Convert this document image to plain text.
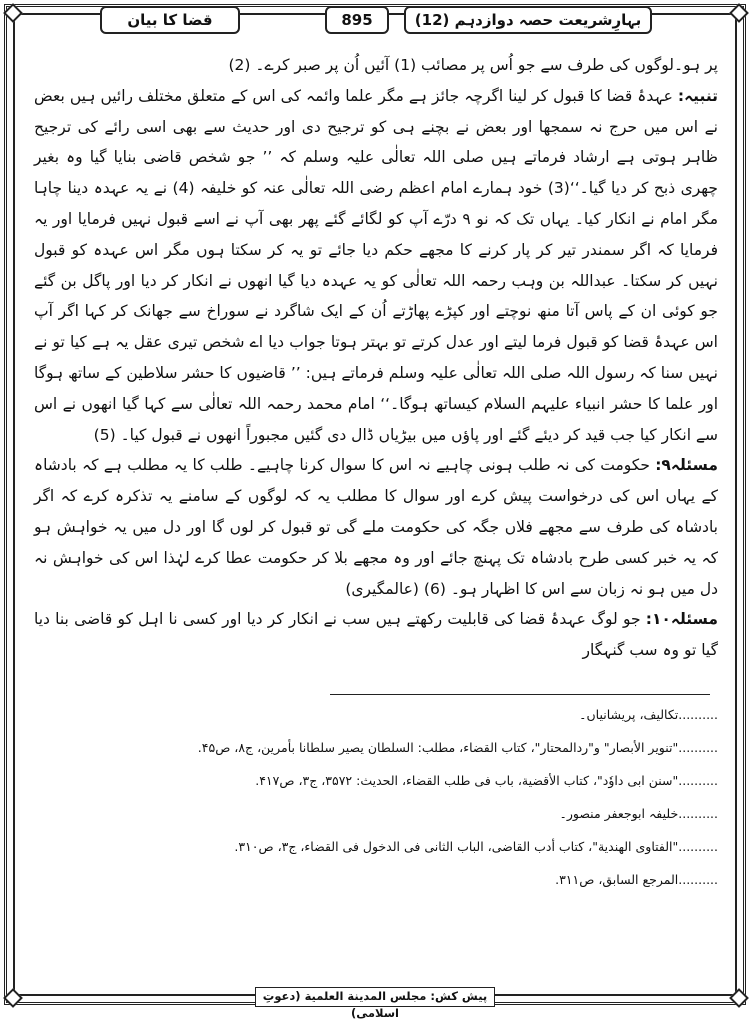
بہارِشریعت حصہ دوازدہم (12)
895
قضا کا بیان

پر ہو۔لوگوں کی طرف سے جو اُس پر مصائب (1) آئیں اُن پر صبر کرے۔ (2)

تنبیہ: عہدۂ قضا کا قبول کر لینا اگرچہ جائز ہے مگر علما وائمہ کی اس کے متعلق مختلف رائیں ہیں بعض نے اس میں حرج نہ سمجھا اور بعض نے بچنے ہی کو ترجیح دی اور حدیث سے بھی اسی رائے کی ترجیح ظاہر ہوتی ہے ارشاد فرماتے ہیں صلی اللہ تعالٰی علیہ وسلم کہ ’’ جو شخص قاضی بنایا گیا وہ بغیر چھری ذبح کر دیا گیا۔‘‘(3) خود ہمارے امام اعظم رضی اللہ تعالٰی عنہ کو خلیفہ (4) نے یہ عہدہ دینا چاہا مگر امام نے انکار کیا۔ یہاں تک کہ نو ۹ درّے آپ کو لگائے گئے پھر بھی آپ نے اسے قبول نہیں فرمایا اور یہ فرمایا کہ اگر سمندر تیر کر پار کرنے کا مجھے حکم دیا جائے تو یہ کر سکتا ہوں مگر اس عہدہ کو قبول نہیں کر سکتا۔ عبداللہ بن وہب رحمہ اللہ تعالٰی کو یہ عہدہ دیا گیا انھوں نے انکار کر دیا اور پاگل بن گئے جو کوئی ان کے پاس آتا منھ نوچتے اور کپڑے پھاڑتے اُن کے ایک شاگرد نے سوراخ سے جھانک کر کہا اگر آپ اس عہدۂ قضا کو قبول فرما لیتے اور عدل کرتے تو بہتر ہوتا جواب دیا اے شخص تیری عقل یہ ہے کیا تو نے نہیں سنا کہ رسول اللہ صلی اللہ تعالٰی علیہ وسلم فرماتے ہیں: ’’ قاضیوں کا حشر سلاطین کے ساتھ ہوگا اور علما کا حشر انبیاء علیہم السلام کیساتھ ہوگا۔‘‘ امام محمد رحمہ اللہ تعالٰی سے کہا گیا انھوں نے اس سے انکار کیا جب قید کر دیئے گئے اور پاؤں میں بیڑیاں ڈال دی گئیں مجبوراً انھوں نے قبول کیا۔ (5)

مسئلہ۹: حکومت کی نہ طلب ہونی چاہیے نہ اس کا سوال کرنا چاہیے۔ طلب کا یہ مطلب ہے کہ بادشاہ کے یہاں اس کی درخواست پیش کرے اور سوال کا مطلب یہ کہ لوگوں کے سامنے یہ تذکرہ کرے کہ اگر بادشاہ کی طرف سے مجھے فلاں جگہ کی حکومت ملے گی تو قبول کر لوں گا اور دل میں یہ خواہش ہو کہ یہ خبر کسی طرح بادشاہ تک پہنچ جائے اور وہ مجھے بلا کر حکومت عطا کرے لہٰذا اس کی خواہش نہ دل میں ہو نہ زبان سے اس کا اظہار ہو۔ (6) (عالمگیری)

مسئلہ۱۰: جو لوگ عہدۂ قضا کی قابلیت رکھتے ہیں سب نے انکار کر دیا اور کسی نا اہل کو قاضی بنا دیا گیا تو وہ سب گنہگار

..........تکالیف، پریشانیاں۔

.........."تنویر الأبصار" و"ردالمحتار"، کتاب القضاء، مطلب: السلطان یصیر سلطانا بأمرین، ج۸، ص۴۵.

.........."سنن ابی داوٗد"، کتاب الأقضیة، باب فی طلب القضاء، الحدیث: ۳۵۷۲، ج۳، ص۴۱۷.

..........خلیفہ ابوجعفر منصور۔

.........."الفتاوی الھندیة"، کتاب أدب القاضی، الباب الثانی فی الدخول فی القضاء، ج۳، ص۳۱۰.

..........المرجع السابق، ص۳۱۱.

پیش کش: مجلس المدینة العلمیة (دعوتِ اسلامی)
